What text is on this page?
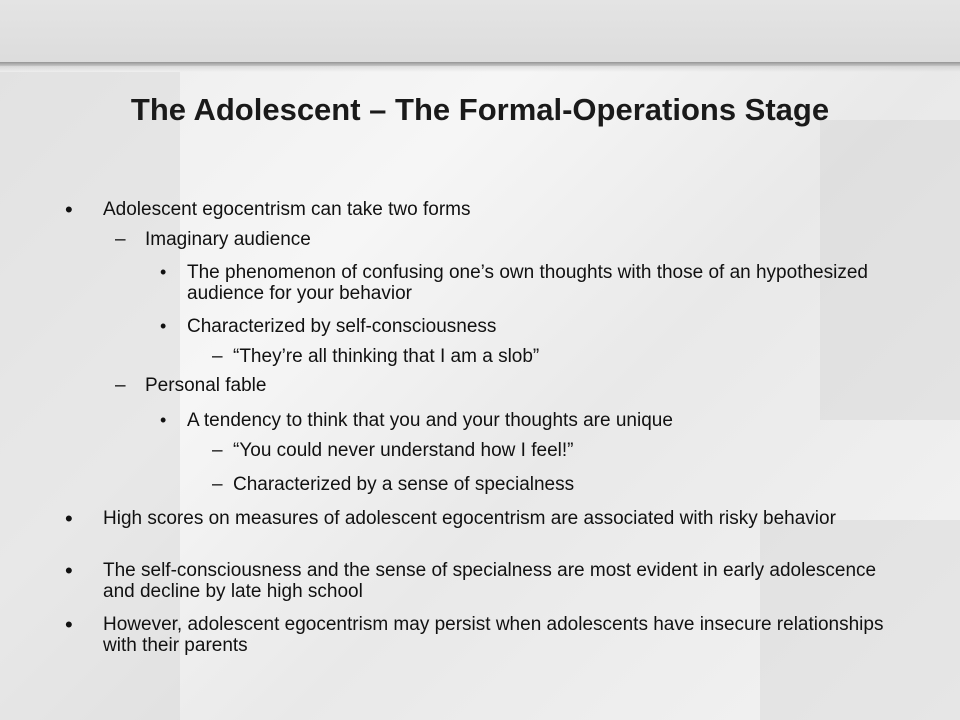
The Adolescent – The Formal-Operations Stage
• Adolescent egocentrism can take two forms
– Imaginary audience
• The phenomenon of confusing one’s own thoughts with those of an hypothesized audience for your behavior
• Characterized by self-consciousness
– “They’re all thinking that I am a slob”
– Personal fable
• A tendency to think that you and your thoughts are unique
– “You could never understand how I feel!”
– Characterized by a sense of specialness
• High scores on measures of adolescent egocentrism are associated with risky behavior
• The self-consciousness and the sense of specialness are most evident in early adolescence and decline by late high school
• However, adolescent egocentrism may persist when adolescents have insecure relationships with their parents
